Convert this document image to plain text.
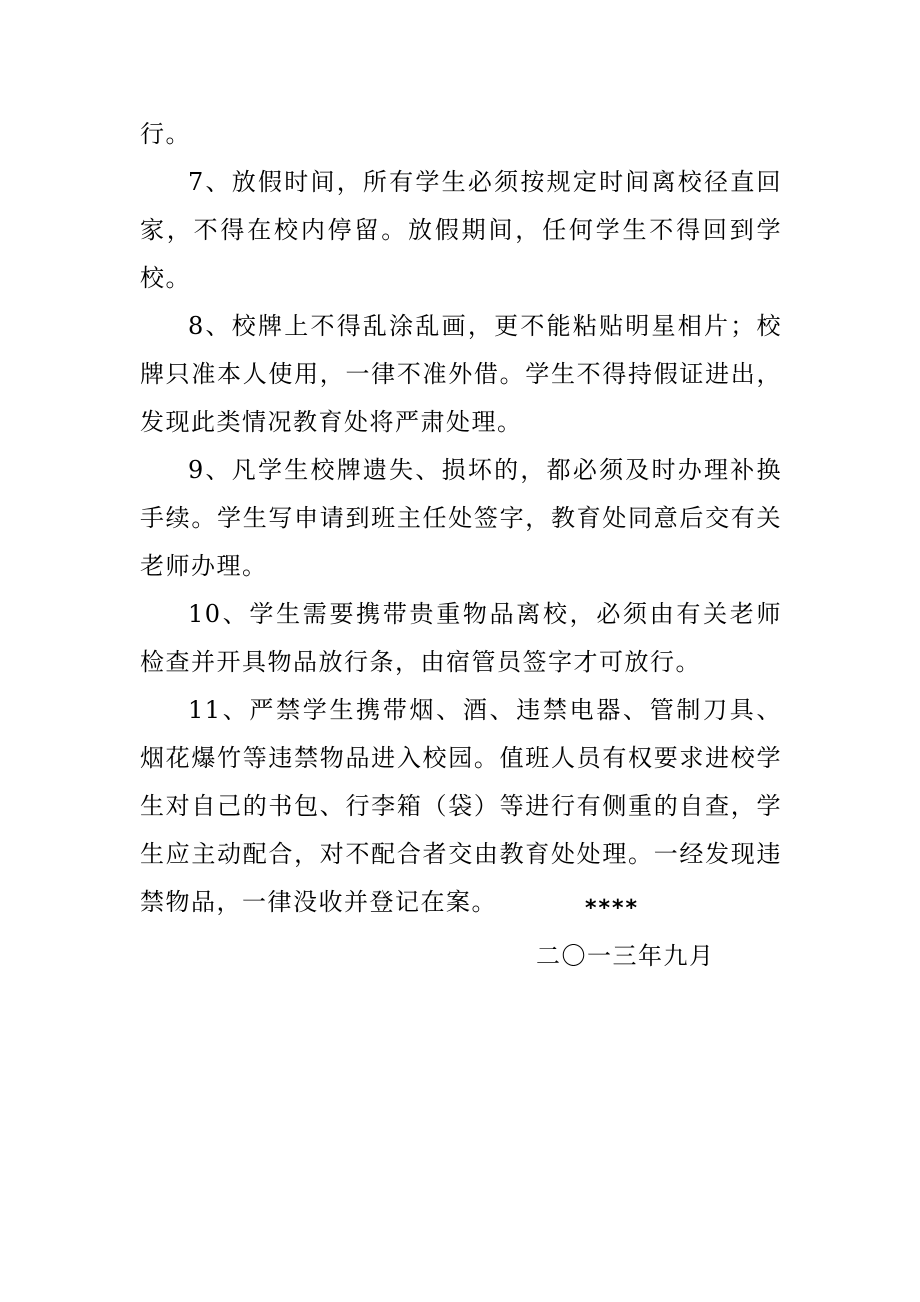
行。

7、放假时间，所有学生必须按规定时间离校径直回家，不得在校内停留。放假期间，任何学生不得回到学校。

8、校牌上不得乱涂乱画，更不能粘贴明星相片；校牌只准本人使用，一律不准外借。学生不得持假证进出，发现此类情况教育处将严肃处理。

9、凡学生校牌遗失、损坏的，都必须及时办理补换手续。学生写申请到班主任处签字，教育处同意后交有关老师办理。

10、学生需要携带贵重物品离校，必须由有关老师检查并开具物品放行条，由宿管员签字才可放行。

11、严禁学生携带烟、酒、违禁电器、管制刀具、烟花爆竹等违禁物品进入校园。值班人员有权要求进校学生对自己的书包、行李箱（袋）等进行有侧重的自查，学生应主动配合，对不配合者交由教育处处理。一经发现违禁物品，一律没收并登记在案。	****
二〇一三年九月
